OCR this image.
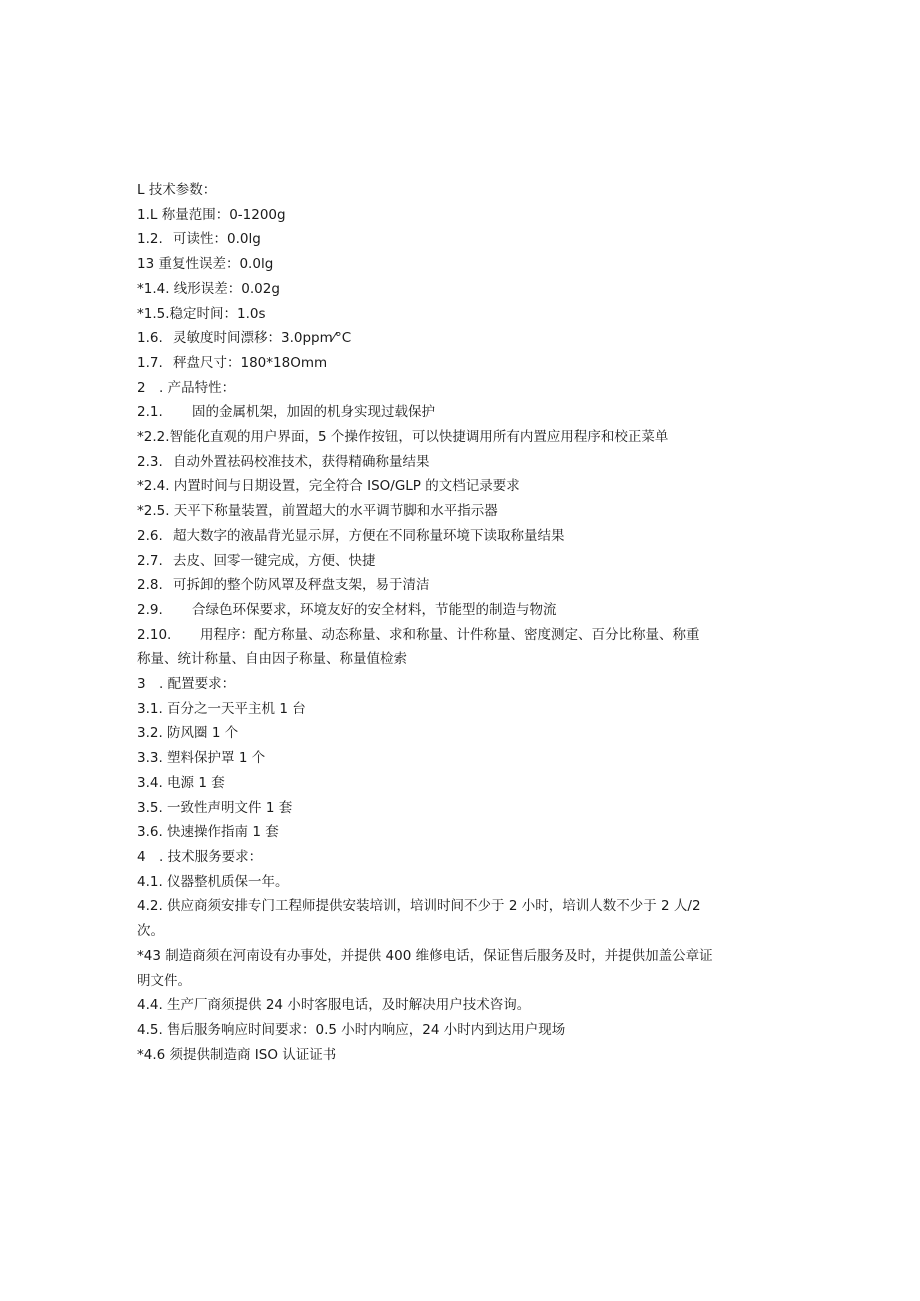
L 技术参数：
1.L 称量范围：0-1200g
1.2. 可读性：0.0lg
13 重复性误差：0.0lg
*1.4. 线形误差：0.02g
*1.5.稳定时间：1.0s
1.6. 灵敏度时间漂移：3.0ppm⁄°C
1.7. 秤盘尺寸：180*18Omm
2 . 产品特性：
2.1. 固的金属机架，加固的机身实现过载保护
*2.2.智能化直观的用户界面，5 个操作按钮，可以快捷调用所有内置应用程序和校正菜单
2.3. 自动外置祛码校准技术，获得精确称量结果
*2.4. 内置时间与日期设置，完全符合 ISO/GLP 的文档记录要求
*2.5. 天平下称量装置，前置超大的水平调节脚和水平指示器
2.6. 超大数字的液晶背光显示屏，方便在不同称量环境下读取称量结果
2.7. 去皮、回零一键完成，方便、快捷
2.8. 可拆卸的整个防风罩及秤盘支架，易于清洁
2.9. 合绿色环保要求，环境友好的安全材料，节能型的制造与物流
2.10. 用程序：配方称量、动态称量、求和称量、计件称量、密度测定、百分比称量、称重
称量、统计称量、自由因子称量、称量值检索
3 . 配置要求：
3.1. 百分之一天平主机 1 台
3.2. 防风圈 1 个
3.3. 塑料保护罩 1 个
3.4. 电源 1 套
3.5. 一致性声明文件 1 套
3.6. 快速操作指南 1 套
4 . 技术服务要求：
4.1. 仪器整机质保一年。
4.2. 供应商须安排专门工程师提供安装培训，培训时间不少于 2 小时，培训人数不少于 2 人/2
次。
*43 制造商须在河南设有办事处，并提供 400 维修电话，保证售后服务及时，并提供加盖公章证
明文件。
4.4. 生产厂商须提供 24 小时客服电话，及时解决用户技术咨询。
4.5. 售后服务响应时间要求：0.5 小时内响应，24 小时内到达用户现场
*4.6 须提供制造商 ISO 认证证书
